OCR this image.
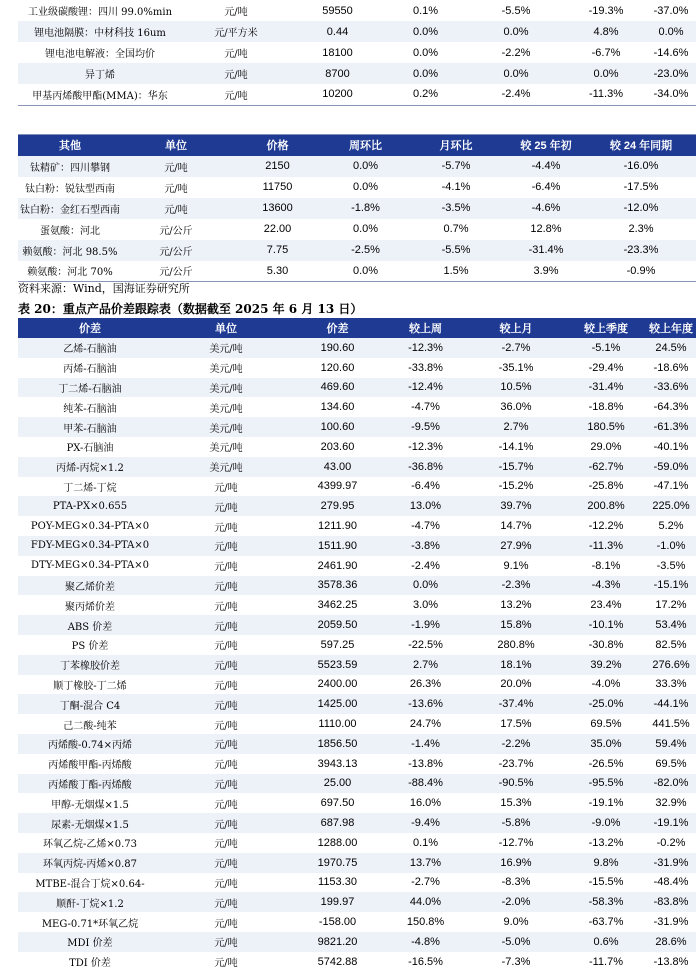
工业级碳酸锂：四川 99.0%min	元/吨	59550	0.1%	-5.5%	-19.3%	-37.0%
锂电池隔膜：中材科技 16um	元/平方米	0.44	0.0%	0.0%	4.8%	0.0%
锂电池电解液：全国均价	元/吨	18100	0.0%	-2.2%	-6.7%	-14.6%
异丁烯	元/吨	8700	0.0%	0.0%	0.0%	-23.0%
甲基丙烯酸甲酯(MMA)：华东	元/吨	10200	0.2%	-2.4%	-11.3%	-34.0%
其他	单位	价格	周环比	月环比	较 25 年初	较 24 年同期
钛精矿：四川攀钢	元/吨	2150	0.0%	-5.7%	-4.4%	-16.0%
钛白粉：锐钛型西南	元/吨	11750	0.0%	-4.1%	-6.4%	-17.5%
钛白粉：金红石型西南	元/吨	13600	-1.8%	-3.5%	-4.6%	-12.0%
蛋氨酸：河北	元/公斤	22.00	0.0%	0.7%	12.8%	2.3%
赖氨酸：河北 98.5%	元/公斤	7.75	-2.5%	-5.5%	-31.4%	-23.3%
赖氨酸：河北 70%	元/公斤	5.30	0.0%	1.5%	3.9%	-0.9%
资料来源：Wind，国海证券研究所
表 20：重点产品价差跟踪表（数据截至 2025 年 6 月 13 日）
价差	单位	价差	较上周	较上月	较上季度	较上年度
乙烯-石脑油	美元/吨	190.60	-12.3%	-2.7%	-5.1%	24.5%
丙烯-石脑油	美元/吨	120.60	-33.8%	-35.1%	-29.4%	-18.6%
丁二烯-石脑油	美元/吨	469.60	-12.4%	10.5%	-31.4%	-33.6%
纯苯-石脑油	美元/吨	134.60	-4.7%	36.0%	-18.8%	-64.3%
甲苯-石脑油	美元/吨	100.60	-9.5%	2.7%	180.5%	-61.3%
PX-石脑油	美元/吨	203.60	-12.3%	-14.1%	29.0%	-40.1%
丙烯-丙烷×1.2	美元/吨	43.00	-36.8%	-15.7%	-62.7%	-59.0%
丁二烯-丁烷	元/吨	4399.97	-6.4%	-15.2%	-25.8%	-47.1%
PTA-PX×0.655	元/吨	279.95	13.0%	39.7%	200.8%	225.0%
POY-MEG×0.34-PTA×0	元/吨	1211.90	-4.7%	14.7%	-12.2%	5.2%
FDY-MEG×0.34-PTA×0	元/吨	1511.90	-3.8%	27.9%	-11.3%	-1.0%
DTY-MEG×0.34-PTA×0	元/吨	2461.90	-2.4%	9.1%	-8.1%	-3.5%
聚乙烯价差	元/吨	3578.36	0.0%	-2.3%	-4.3%	-15.1%
聚丙烯价差	元/吨	3462.25	3.0%	13.2%	23.4%	17.2%
ABS 价差	元/吨	2059.50	-1.9%	15.8%	-10.1%	53.4%
PS 价差	元/吨	597.25	-22.5%	280.8%	-30.8%	82.5%
丁苯橡胶价差	元/吨	5523.59	2.7%	18.1%	39.2%	276.6%
顺丁橡胶-丁二烯	元/吨	2400.00	26.3%	20.0%	-4.0%	33.3%
丁酮-混合 C4	元/吨	1425.00	-13.6%	-37.4%	-25.0%	-44.1%
己二酸-纯苯	元/吨	1110.00	24.7%	17.5%	69.5%	441.5%
丙烯酸-0.74×丙烯	元/吨	1856.50	-1.4%	-2.2%	35.0%	59.4%
丙烯酸甲酯-丙烯酸	元/吨	3943.13	-13.8%	-23.7%	-26.5%	69.5%
丙烯酸丁酯-丙烯酸	元/吨	25.00	-88.4%	-90.5%	-95.5%	-82.0%
甲醇-无烟煤×1.5	元/吨	697.50	16.0%	15.3%	-19.1%	32.9%
尿素-无烟煤×1.5	元/吨	687.98	-9.4%	-5.8%	-9.0%	-19.1%
环氧乙烷-乙烯×0.73	元/吨	1288.00	0.1%	-12.7%	-13.2%	-0.2%
环氧丙烷-丙烯×0.87	元/吨	1970.75	13.7%	16.9%	9.8%	-31.9%
MTBE-混合丁烷×0.64-	元/吨	1153.30	-2.7%	-8.3%	-15.5%	-48.4%
顺酐-丁烷×1.2	元/吨	199.97	44.0%	-2.0%	-58.3%	-83.8%
MEG-0.71*环氧乙烷	元/吨	-158.00	150.8%	9.0%	-63.7%	-31.9%
MDI 价差	元/吨	9821.20	-4.8%	-5.0%	0.6%	28.6%
TDI 价差	元/吨	5742.88	-16.5%	-7.3%	-11.7%	-13.8%
